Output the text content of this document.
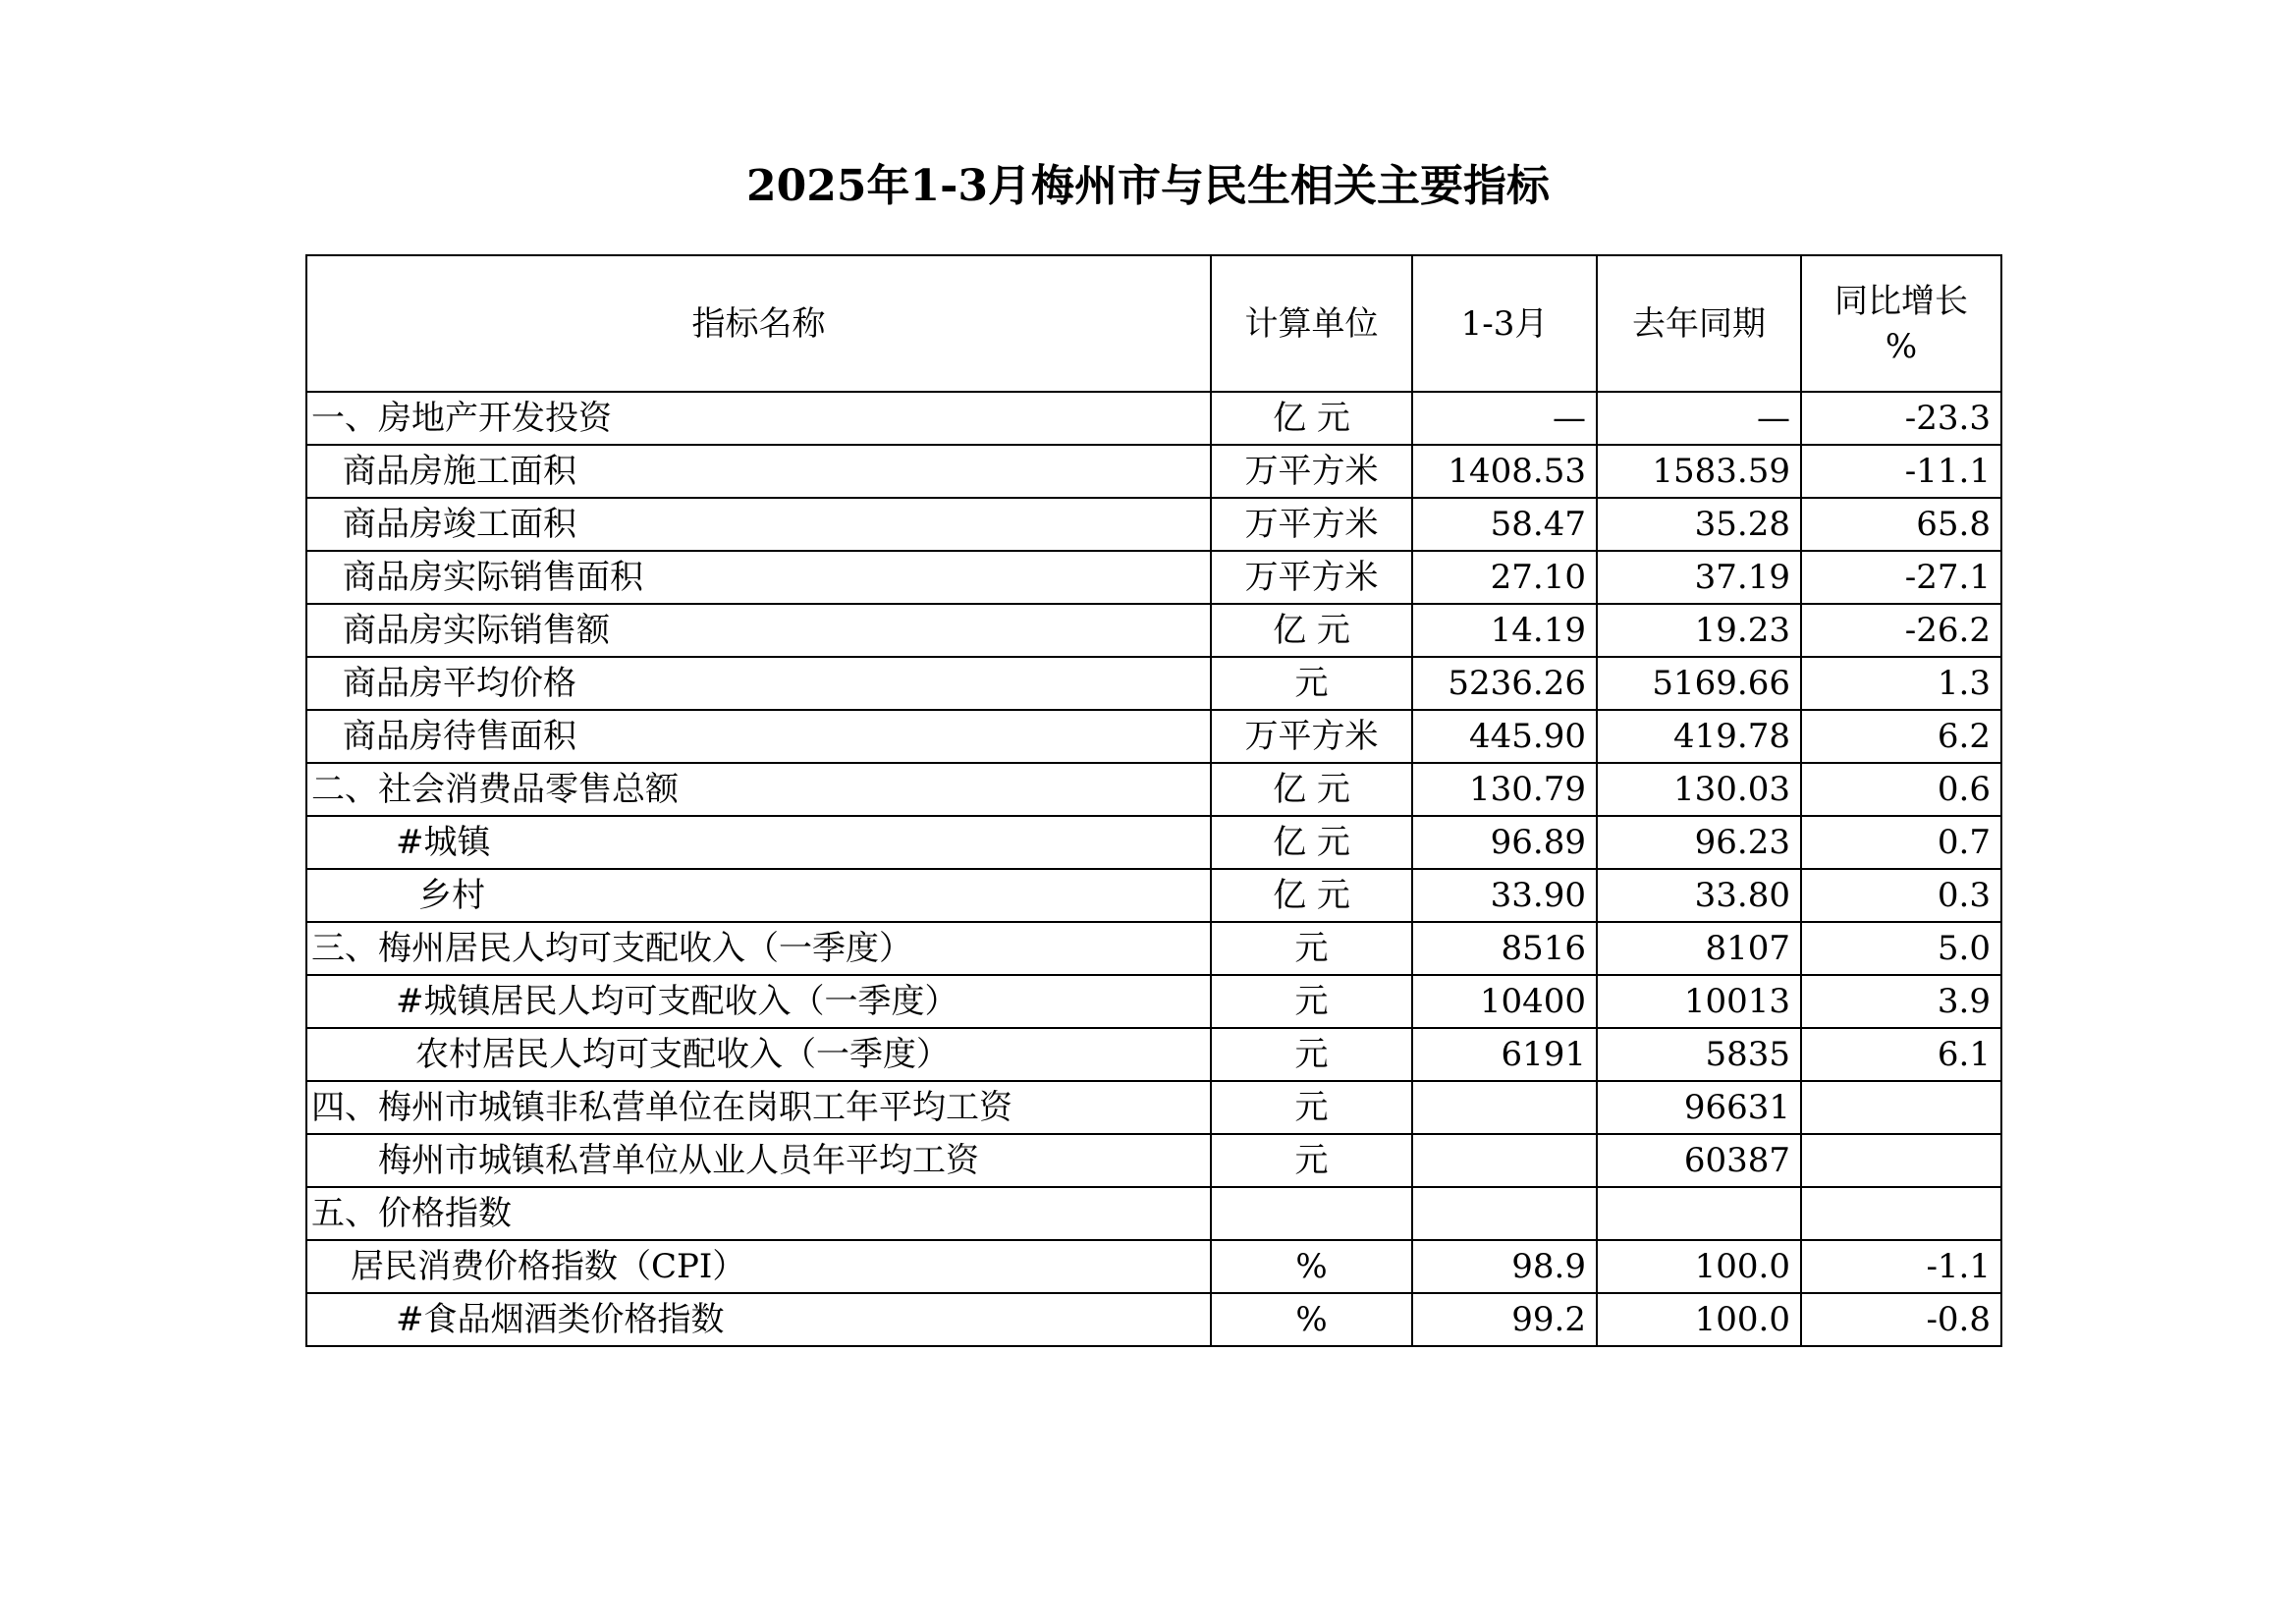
2025年1-3月梅州市与民生相关主要指标
指标名称	计算单位	1-3月	去年同期	同比增长
%
一、房地产开发投资	亿 元	—	—	-23.3
商品房施工面积	万平方米	1408.53	1583.59	-11.1
商品房竣工面积	万平方米	58.47	35.28	65.8
商品房实际销售面积	万平方米	27.10	37.19	-27.1
商品房实际销售额	亿 元	14.19	19.23	-26.2
商品房平均价格	元	5236.26	5169.66	1.3
商品房待售面积	万平方米	445.90	419.78	6.2
二、社会消费品零售总额	亿 元	130.79	130.03	0.6
#城镇	亿 元	96.89	96.23	0.7
乡村	亿 元	33.90	33.80	0.3
三、梅州居民人均可支配收入（一季度）	元	8516	8107	5.0
#城镇居民人均可支配收入（一季度）	元	10400	10013	3.9
农村居民人均可支配收入（一季度）	元	6191	5835	6.1
四、梅州市城镇非私营单位在岗职工年平均工资	元		96631	
梅州市城镇私营单位从业人员年平均工资	元		60387	
五、价格指数				
居民消费价格指数（CPI）	%	98.9	100.0	-1.1
#食品烟酒类价格指数	%	99.2	100.0	-0.8
